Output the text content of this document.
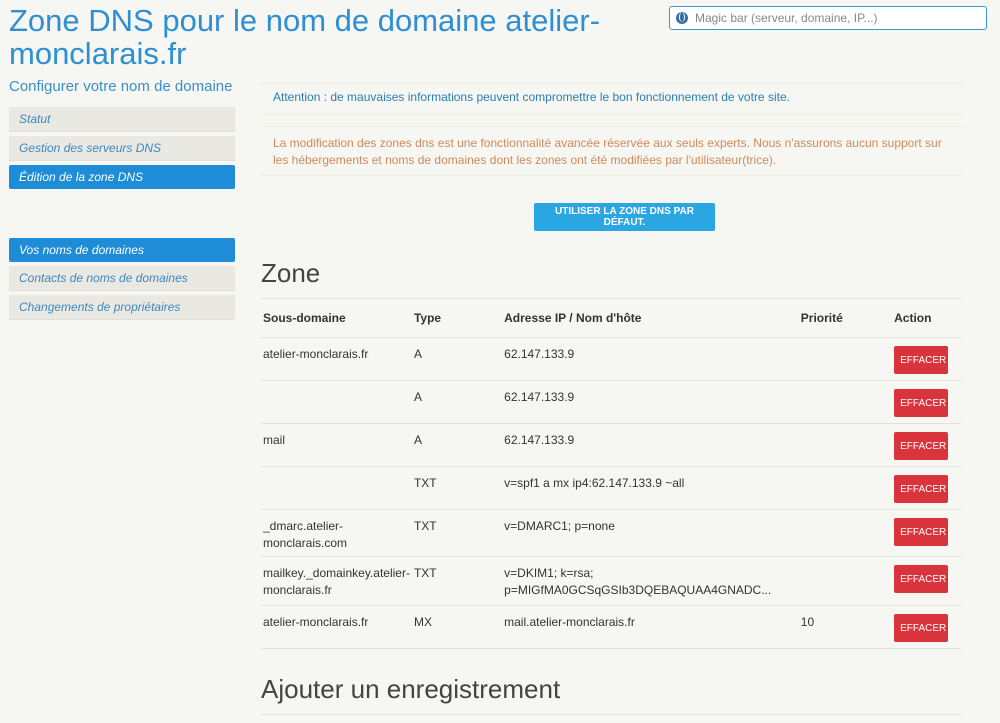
Zone DNS pour le nom de domaine atelier-monclarais.fr
Magic bar (serveur, domaine, IP...)
Configurer votre nom de domaine
Statut
Gestion des serveurs DNS
Édition de la zone DNS
Vos noms de domaines
Contacts de noms de domaines
Changements de propriétaires
Attention : de mauvaises informations peuvent compromettre le bon fonctionnement de votre site.
La modification des zones dns est une fonctionnalité avancée réservée aux seuls experts. Nous n'assurons aucun support sur les hébergements et noms de domaines dont les zones ont été modifiées par l'utilisateur(trice).
UTILISER LA ZONE DNS PAR DÉFAUT.
Zone
Sous-domaine	Type	Adresse IP / Nom d'hôte	Priorité	Action
atelier-monclarais.fr	A	62.147.133.9		EFFACER
	A	62.147.133.9		EFFACER
mail	A	62.147.133.9		EFFACER
	TXT	v=spf1 a mx ip4:62.147.133.9 ~all		EFFACER
_dmarc.atelier-monclarais.com	TXT	v=DMARC1; p=none		EFFACER
mailkey._domainkey.atelier-monclarais.fr	TXT	v=DKIM1; k=rsa; p=MIGfMA0GCSqGSIb3DQEBAQUAA4GNADC...		EFFACER
atelier-monclarais.fr	MX	mail.atelier-monclarais.fr	10	EFFACER
Ajouter un enregistrement
